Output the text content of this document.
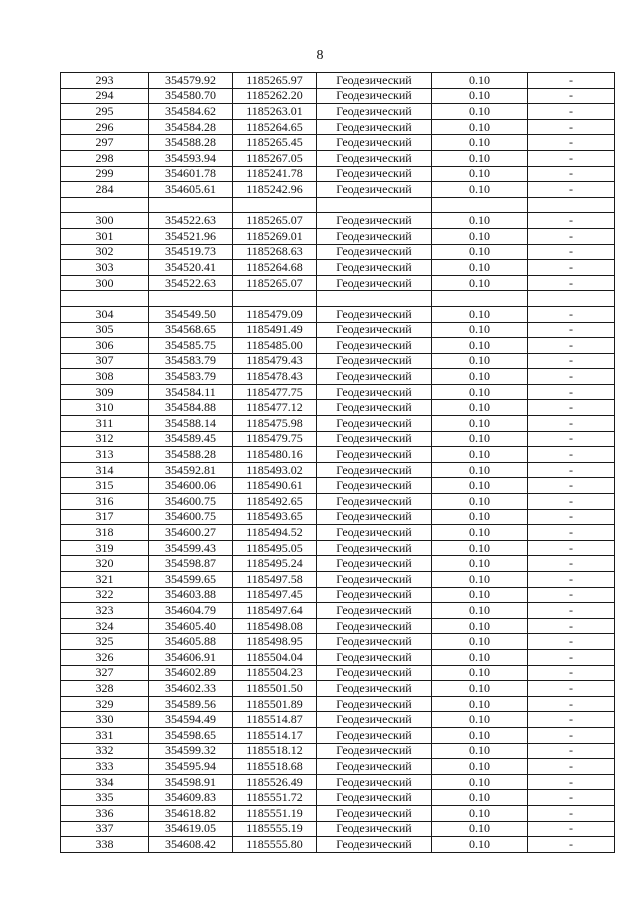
8
293	354579.92	1185265.97	Геодезический	0.10	-
294	354580.70	1185262.20	Геодезический	0.10	-
295	354584.62	1185263.01	Геодезический	0.10	-
296	354584.28	1185264.65	Геодезический	0.10	-
297	354588.28	1185265.45	Геодезический	0.10	-
298	354593.94	1185267.05	Геодезический	0.10	-
299	354601.78	1185241.78	Геодезический	0.10	-
284	354605.61	1185242.96	Геодезический	0.10	-

300	354522.63	1185265.07	Геодезический	0.10	-
301	354521.96	1185269.01	Геодезический	0.10	-
302	354519.73	1185268.63	Геодезический	0.10	-
303	354520.41	1185264.68	Геодезический	0.10	-
300	354522.63	1185265.07	Геодезический	0.10	-

304	354549.50	1185479.09	Геодезический	0.10	-
305	354568.65	1185491.49	Геодезический	0.10	-
306	354585.75	1185485.00	Геодезический	0.10	-
307	354583.79	1185479.43	Геодезический	0.10	-
308	354583.79	1185478.43	Геодезический	0.10	-
309	354584.11	1185477.75	Геодезический	0.10	-
310	354584.88	1185477.12	Геодезический	0.10	-
311	354588.14	1185475.98	Геодезический	0.10	-
312	354589.45	1185479.75	Геодезический	0.10	-
313	354588.28	1185480.16	Геодезический	0.10	-
314	354592.81	1185493.02	Геодезический	0.10	-
315	354600.06	1185490.61	Геодезический	0.10	-
316	354600.75	1185492.65	Геодезический	0.10	-
317	354600.75	1185493.65	Геодезический	0.10	-
318	354600.27	1185494.52	Геодезический	0.10	-
319	354599.43	1185495.05	Геодезический	0.10	-
320	354598.87	1185495.24	Геодезический	0.10	-
321	354599.65	1185497.58	Геодезический	0.10	-
322	354603.88	1185497.45	Геодезический	0.10	-
323	354604.79	1185497.64	Геодезический	0.10	-
324	354605.40	1185498.08	Геодезический	0.10	-
325	354605.88	1185498.95	Геодезический	0.10	-
326	354606.91	1185504.04	Геодезический	0.10	-
327	354602.89	1185504.23	Геодезический	0.10	-
328	354602.33	1185501.50	Геодезический	0.10	-
329	354589.56	1185501.89	Геодезический	0.10	-
330	354594.49	1185514.87	Геодезический	0.10	-
331	354598.65	1185514.17	Геодезический	0.10	-
332	354599.32	1185518.12	Геодезический	0.10	-
333	354595.94	1185518.68	Геодезический	0.10	-
334	354598.91	1185526.49	Геодезический	0.10	-
335	354609.83	1185551.72	Геодезический	0.10	-
336	354618.82	1185551.19	Геодезический	0.10	-
337	354619.05	1185555.19	Геодезический	0.10	-
338	354608.42	1185555.80	Геодезический	0.10	-
